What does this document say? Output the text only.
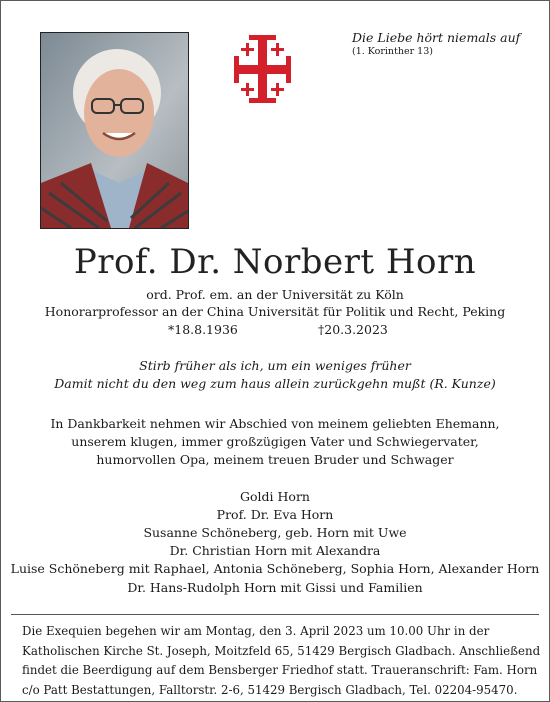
Die Liebe hört niemals auf
(1. Korinther 13)
Prof. Dr. Norbert Horn
ord. Prof. em. an der Universität zu Köln
Honorarprofessor an der China Universität für Politik und Recht, Peking
*18.8.1936	†20.3.2023
Stirb früher als ich, um ein weniges früher
Damit nicht du den weg zum haus allein zurückgehn mußt (R. Kunze)
In Dankbarkeit nehmen wir Abschied von meinem geliebten Ehemann,
unserem klugen, immer großzügigen Vater und Schwiegervater,
humorvollen Opa, meinem treuen Bruder und Schwager
Goldi Horn
Prof. Dr. Eva Horn
Susanne Schöneberg, geb. Horn mit Uwe
Dr. Christian Horn mit Alexandra
Luise Schöneberg mit Raphael, Antonia Schöneberg, Sophia Horn, Alexander Horn
Dr. Hans-Rudolph Horn mit Gissi und Familien
Die Exequien begehen wir am Montag, den 3. April 2023 um 10.00 Uhr in der
Katholischen Kirche St. Joseph, Moitzfeld 65, 51429 Bergisch Gladbach. Anschließend
findet die Beerdigung auf dem Bensberger Friedhof statt. Traueranschrift: Fam. Horn
c/o Patt Bestattungen, Falltorstr. 2-6, 51429 Bergisch Gladbach, Tel. 02204-95470.
